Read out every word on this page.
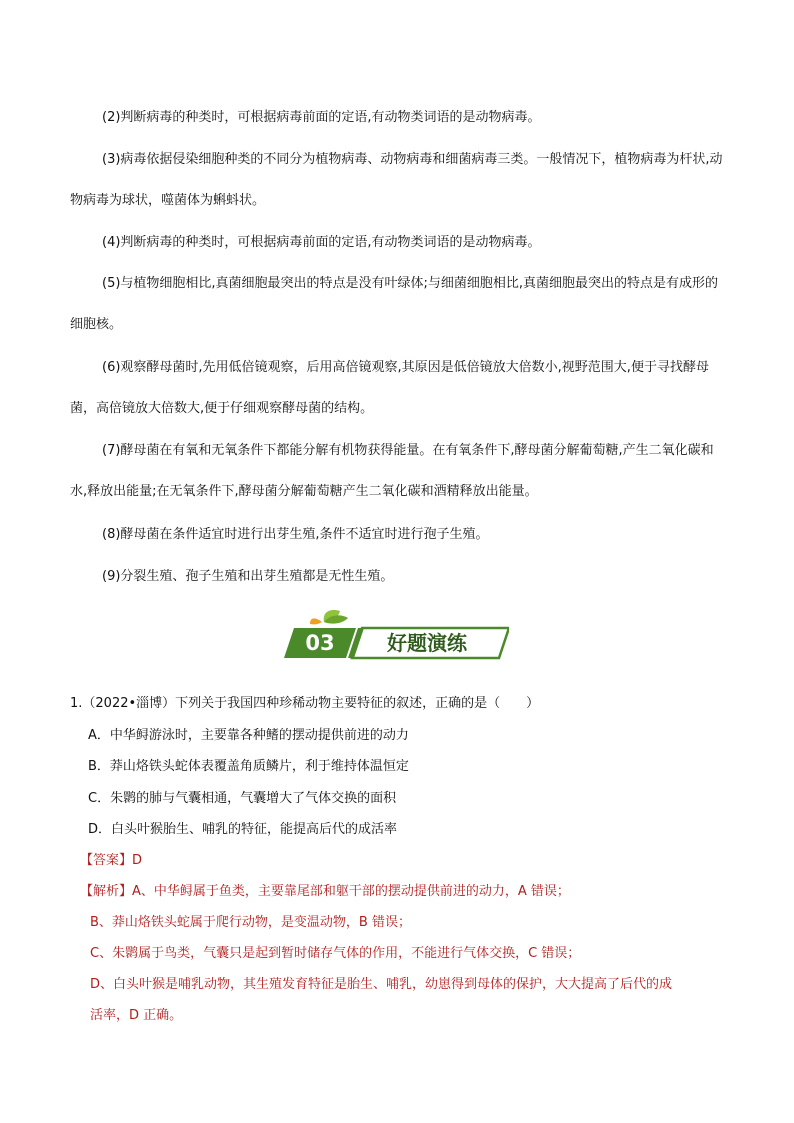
(2)判断病毒的种类时，可根据病毒前面的定语,有动物类词语的是动物病毒。

(3)病毒依据侵染细胞种类的不同分为植物病毒、动物病毒和细菌病毒三类。一般情况下，植物病毒为杆状,动物病毒为球状，噬菌体为蝌蚪状。

(4)判断病毒的种类时，可根据病毒前面的定语,有动物类词语的是动物病毒。

(5)与植物细胞相比,真菌细胞最突出的特点是没有叶绿体;与细菌细胞相比,真菌细胞最突出的特点是有成形的细胞核。

(6)观察酵母菌时,先用低倍镜观察，后用高倍镜观察,其原因是低倍镜放大倍数小,视野范围大,便于寻找酵母菌，高倍镜放大倍数大,便于仔细观察酵母菌的结构。

(7)酵母菌在有氧和无氧条件下都能分解有机物获得能量。在有氧条件下,酵母菌分解葡萄糖,产生二氧化碳和水,释放出能量;在无氧条件下,酵母菌分解葡萄糖产生二氧化碳和酒精释放出能量。

(8)酵母菌在条件适宜时进行出芽生殖,条件不适宜时进行孢子生殖。

(9)分裂生殖、孢子生殖和出芽生殖都是无性生殖。

03	好题演练
1.（2022•淄博）下列关于我国四种珍稀动物主要特征的叙述，正确的是（　　）
A．中华鲟游泳时，主要靠各种鳍的摆动提供前进的动力
B．莽山烙铁头蛇体表覆盖角质鳞片，利于维持体温恒定
C．朱鹮的肺与气囊相通，气囊增大了气体交换的面积
D．白头叶猴胎生、哺乳的特征，能提高后代的成活率
【答案】D
【解析】A、中华鲟属于鱼类，主要靠尾部和躯干部的摆动提供前进的动力，A 错误；
B、莽山烙铁头蛇属于爬行动物，是变温动物，B 错误；
C、朱鹮属于鸟类，气囊只是起到暂时储存气体的作用，不能进行气体交换，C 错误；
D、白头叶猴是哺乳动物，其生殖发育特征是胎生、哺乳，幼崽得到母体的保护，大大提高了后代的成
活率，D 正确。
